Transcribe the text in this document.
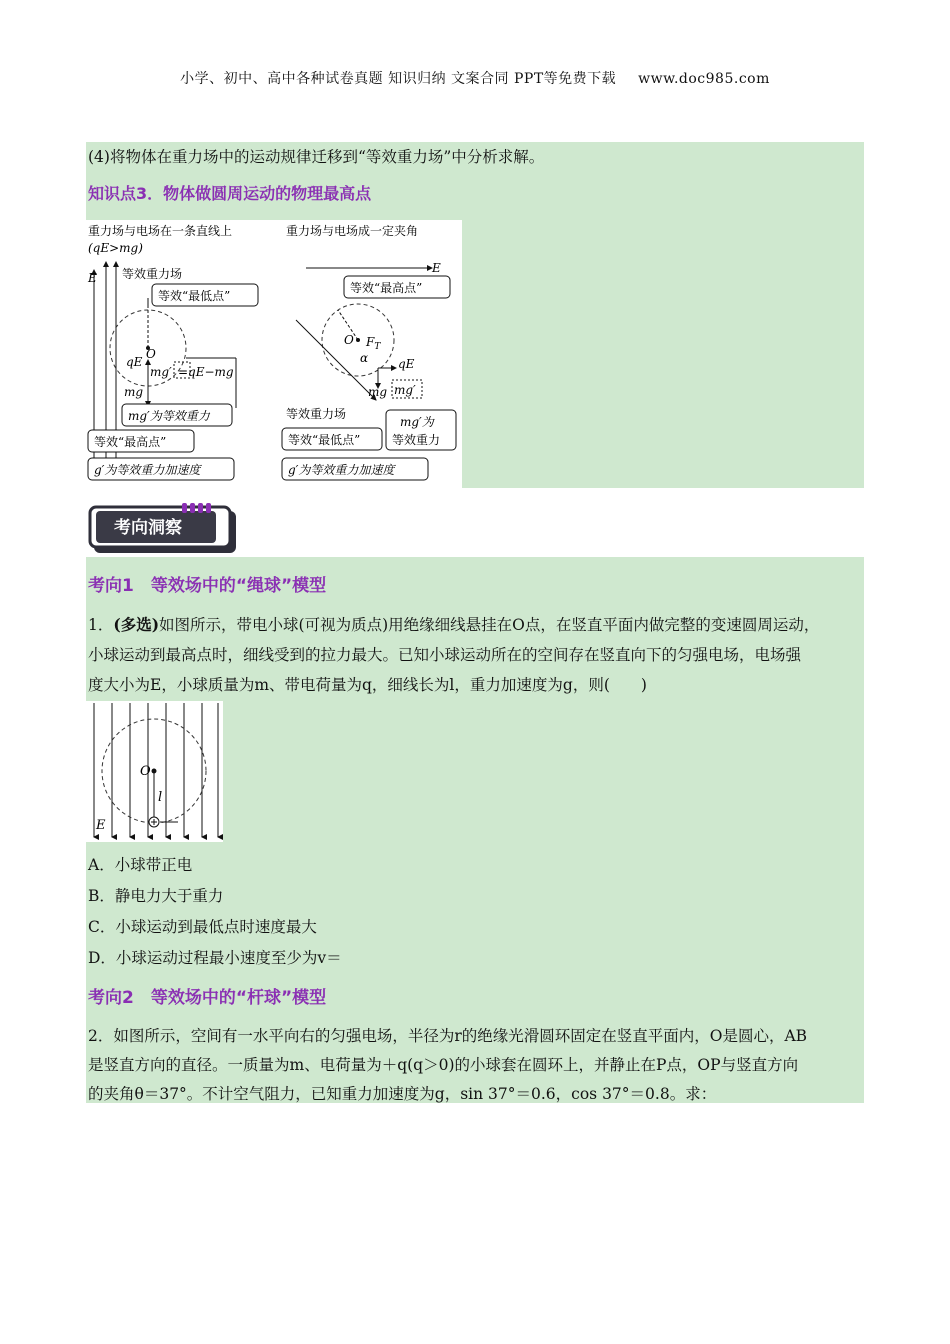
小学、初中、高中各种试卷真题 知识归纳 文案合同 PPT等免费下载 www.doc985.com
(4)将物体在重力场中的运动规律迁移到“等效重力场”中分析求解。
知识点3．物体做圆周运动的物理最高点
重力场与电场在一条直线上
(qE>mg)
E 等效重力场
等效“最低点”
O
qE
mg′ =qE−mg
mg
mg′为等效重力
等效“最高点”
g′为等效重力加速度
重力场与电场成一定夹角
E
等效“最高点”
O $F_T$
α qE
mg mg′
等效重力场
等效“最低点”
mg′为
等效重力
g′为等效重力加速度
考向洞察
考向1　等效场中的“绳球”模型
1．(多选)如图所示，带电小球(可视为质点)用绝缘细线悬挂在O点，在竖直平面内做完整的变速圆周运动，
小球运动到最高点时，细线受到的拉力最大。已知小球运动所在的空间存在竖直向下的匀强电场，电场强
度大小为E，小球质量为m、带电荷量为q，细线长为l，重力加速度为g，则(　　)
O
l
E
A．小球带正电
B．静电力大于重力
C．小球运动到最低点时速度最大
D．小球运动过程最小速度至少为v＝
考向2　等效场中的“杆球”模型
2．如图所示，空间有一水平向右的匀强电场，半径为r的绝缘光滑圆环固定在竖直平面内，O是圆心，AB
是竖直方向的直径。一质量为m、电荷量为＋q(q＞0)的小球套在圆环上，并静止在P点，OP与竖直方向
的夹角θ＝37°。不计空气阻力，已知重力加速度为g，sin 37°＝0.6，cos 37°＝0.8。求：
